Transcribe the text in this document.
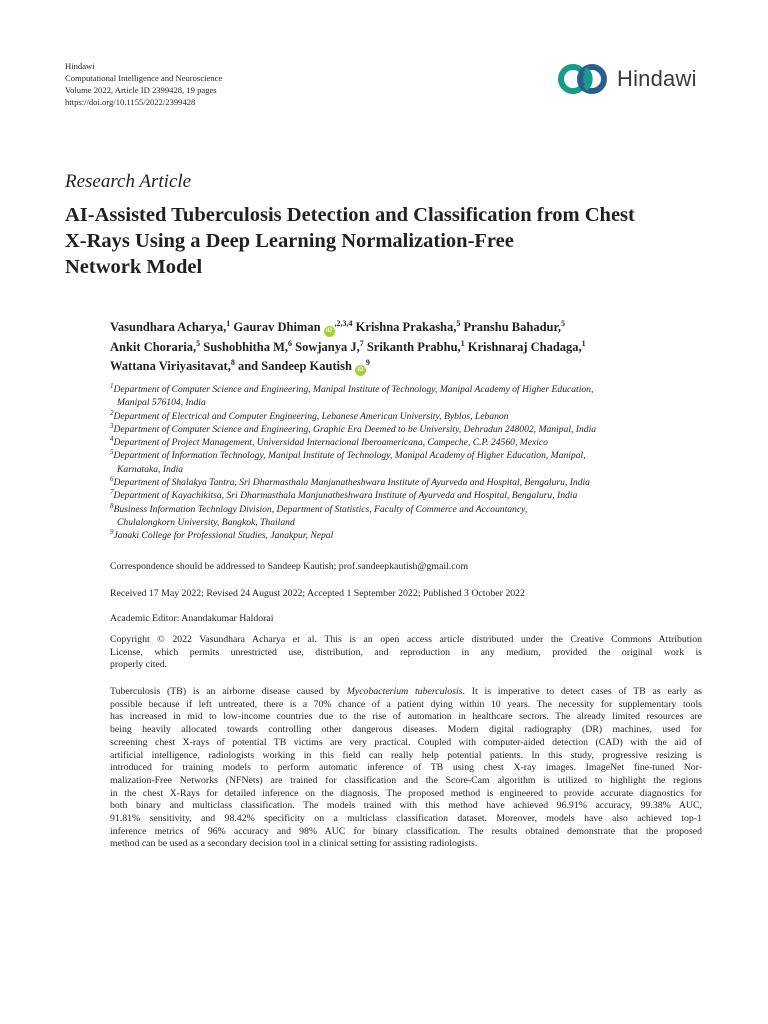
Hindawi
Computational Intelligence and Neuroscience
Volume 2022, Article ID 2399428, 19 pages
https://doi.org/10.1155/2022/2399428
Hindawi
Research Article
AI-Assisted Tuberculosis Detection and Classification from Chest
X-Rays Using a Deep Learning Normalization-Free
Network Model
Vasundhara Acharya,$^1$ Gaurav Dhiman $iD^{,2,3,4}$ Krishna Prakasha,$^5$ Pranshu Bahadur,$^5$
Ankit Choraria,$^5$ Sushobhitha M,$^6$ Sowjanya J,$^7$ Srikanth Prabhu,$^1$ Krishnaraj Chadaga,$^1$
Wattana Viriyasitavat,$^8$ and Sandeep Kautish $iD^9$
$^1$Department of Computer Science and Engineering, Manipal Institute of Technology, Manipal Academy of Higher Education,
Manipal 576104, India
$^2$Department of Electrical and Computer Engineering, Lebanese American University, Byblos, Lebanon
$^3$Department of Computer Science and Engineering, Graphic Era Deemed to be University, Dehradun 248002, Manipal, India
$^4$Department of Project Management, Universidad Internacional Iberoamericana, Campeche, C.P. 24560, Mexico
$^5$Department of Information Technology, Manipal Institute of Technology, Manipal Academy of Higher Education, Manipal,
Karnataka, India
$^6$Department of Shalakya Tantra, Sri Dharmasthala Manjunatheshwara Institute of Ayurveda and Hospital, Bengaluru, India
$^7$Department of Kayachikitsa, Sri Dharmasthala Manjunatheshwara Institute of Ayurveda and Hospital, Bengaluru, India
$^8$Business Information Technlogy Division, Department of Statistics, Faculty of Commerce and Accountancy,
Chulalongkorn University, Bangkok, Thailand
$^9$Janaki College for Professional Studies, Janakpur, Nepal
Correspondence should be addressed to Sandeep Kautish; prof.sandeepkautish@gmail.com
Received 17 May 2022; Revised 24 August 2022; Accepted 1 September 2022; Published 3 October 2022
Academic Editor: Anandakumar Haldorai
Copyright © 2022 Vasundhara Acharya et al. This is an open access article distributed under the Creative Commons Attribution
License, which permits unrestricted use, distribution, and reproduction in any medium, provided the original work is
properly cited.
Tuberculosis (TB) is an airborne disease caused by Mycobacterium tuberculosis. It is imperative to detect cases of TB as early as
possible because if left untreated, there is a 70% chance of a patient dying within 10 years. The necessity for supplementary tools
has increased in mid to low-income countries due to the rise of automation in healthcare sectors. The already limited resources are
being heavily allocated towards controlling other dangerous diseases. Modern digital radiography (DR) machines, used for
screening chest X-rays of potential TB victims are very practical. Coupled with computer-aided detection (CAD) with the aid of
artificial intelligence, radiologists working in this field can really help potential patients. In this study, progressive resizing is
introduced for training models to perform automatic inference of TB using chest X-ray images. ImageNet fine-tuned Nor-
malization-Free Networks (NFNets) are trained for classification and the Score-Cam algorithm is utilized to highlight the regions
in the chest X-Rays for detailed inference on the diagnosis. The proposed method is engineered to provide accurate diagnostics for
both binary and multiclass classification. The models trained with this method have achieved 96.91% accuracy, 99.38% AUC,
91.81% sensitivity, and 98.42% specificity on a multiclass classification dataset. Moreover, models have also achieved top-1
inference metrics of 96% accuracy and 98% AUC for binary classification. The results obtained demonstrate that the proposed
method can be used as a secondary decision tool in a clinical setting for assisting radiologists.
